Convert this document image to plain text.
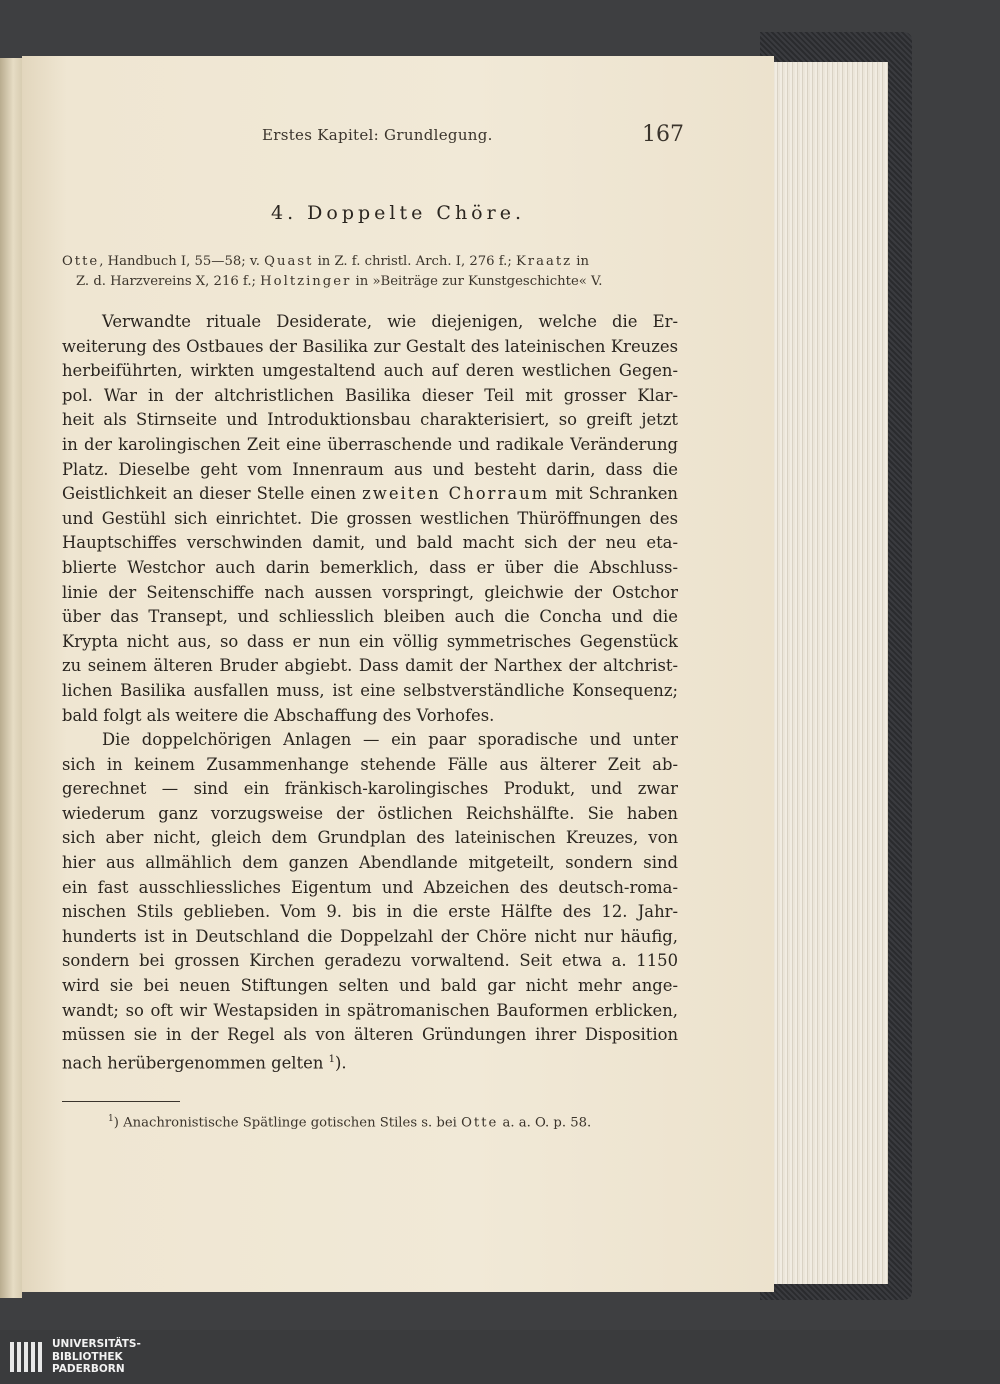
Erstes Kapitel: Grundlegung.	167
4. Doppelte Chöre.
Otte, Handbuch I, 55—58; v. Quast in Z. f. christl. Arch. I, 276 f.; Kraatz in
Z. d. Harzvereins X, 216 f.; Holtzinger in »Beiträge zur Kunstgeschichte« V.
Verwandte rituale Desiderate, wie diejenigen, welche die Er-
weiterung des Ostbaues der Basilika zur Gestalt des lateinischen Kreuzes
herbeiführten, wirkten umgestaltend auch auf deren westlichen Gegen-
pol. War in der altchristlichen Basilika dieser Teil mit grosser Klar-
heit als Stirnseite und Introduktionsbau charakterisiert, so greift jetzt
in der karolingischen Zeit eine überraschende und radikale Veränderung
Platz. Dieselbe geht vom Innenraum aus und besteht darin, dass die
Geistlichkeit an dieser Stelle einen zweiten Chorraum mit Schranken
und Gestühl sich einrichtet. Die grossen westlichen Thüröffnungen des
Hauptschiffes verschwinden damit, und bald macht sich der neu eta-
blierte Westchor auch darin bemerklich, dass er über die Abschluss-
linie der Seitenschiffe nach aussen vorspringt, gleichwie der Ostchor
über das Transept, und schliesslich bleiben auch die Concha und die
Krypta nicht aus, so dass er nun ein völlig symmetrisches Gegenstück
zu seinem älteren Bruder abgiebt. Dass damit der Narthex der altchrist-
lichen Basilika ausfallen muss, ist eine selbstverständliche Konsequenz;
bald folgt als weitere die Abschaffung des Vorhofes.
Die doppelchörigen Anlagen — ein paar sporadische und unter
sich in keinem Zusammenhange stehende Fälle aus älterer Zeit ab-
gerechnet — sind ein fränkisch-karolingisches Produkt, und zwar
wiederum ganz vorzugsweise der östlichen Reichshälfte. Sie haben
sich aber nicht, gleich dem Grundplan des lateinischen Kreuzes, von
hier aus allmählich dem ganzen Abendlande mitgeteilt, sondern sind
ein fast ausschliessliches Eigentum und Abzeichen des deutsch-roma-
nischen Stils geblieben. Vom 9. bis in die erste Hälfte des 12. Jahr-
hunderts ist in Deutschland die Doppelzahl der Chöre nicht nur häufig,
sondern bei grossen Kirchen geradezu vorwaltend. Seit etwa a. 1150
wird sie bei neuen Stiftungen selten und bald gar nicht mehr ange-
wandt; so oft wir Westapsiden in spätromanischen Bauformen erblicken,
müssen sie in der Regel als von älteren Gründungen ihrer Disposition
nach herübergenommen gelten $^1$).
$^1$) Anachronistische Spätlinge gotischen Stiles s. bei Otte a. a. O. p. 58.
UNIVERSITÄTS-
BIBLIOTHEK
PADERBORN
